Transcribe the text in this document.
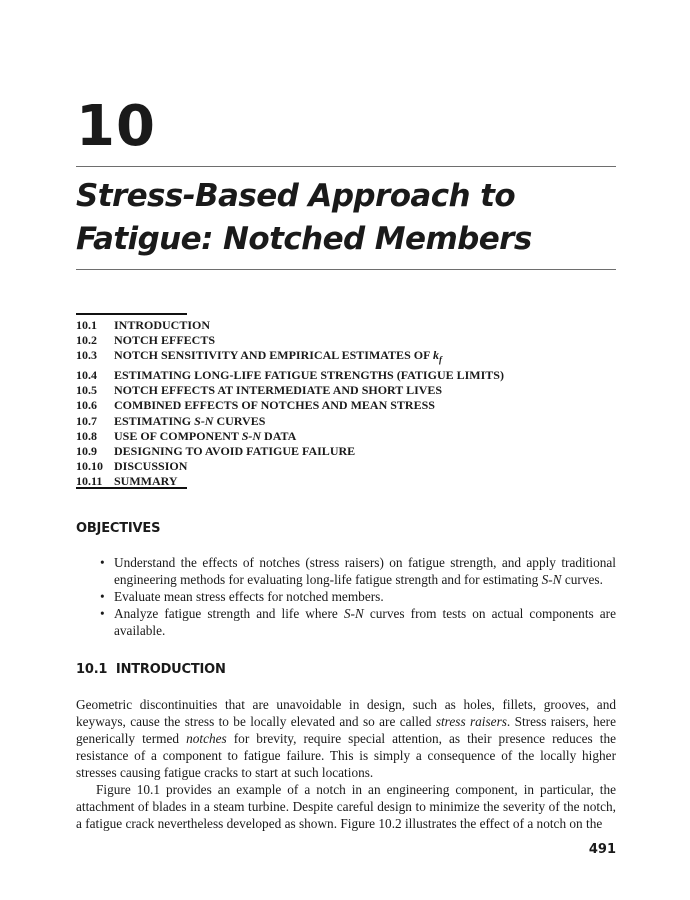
10
Stress-Based Approach to
Fatigue: Notched Members
10.1	INTRODUCTION
10.2	NOTCH EFFECTS
10.3	NOTCH SENSITIVITY AND EMPIRICAL ESTIMATES OF $k_f$
10.4	ESTIMATING LONG-LIFE FATIGUE STRENGTHS (FATIGUE LIMITS)
10.5	NOTCH EFFECTS AT INTERMEDIATE AND SHORT LIVES
10.6	COMBINED EFFECTS OF NOTCHES AND MEAN STRESS
10.7	ESTIMATING S-N CURVES
10.8	USE OF COMPONENT S-N DATA
10.9	DESIGNING TO AVOID FATIGUE FAILURE
10.10 DISCUSSION
10.11 SUMMARY
OBJECTIVES
• Understand the effects of notches (stress raisers) on fatigue strength, and apply traditional engineering methods for evaluating long-life fatigue strength and for estimating S-N curves.
• Evaluate mean stress effects for notched members.
• Analyze fatigue strength and life where S-N curves from tests on actual components are available.
10.1  INTRODUCTION

Geometric discontinuities that are unavoidable in design, such as holes, fillets, grooves, and keyways, cause the stress to be locally elevated and so are called stress raisers. Stress raisers, here generically termed notches for brevity, require special attention, as their presence reduces the resistance of a component to fatigue failure. This is simply a consequence of the locally higher stresses causing fatigue cracks to start at such locations.

Figure 10.1 provides an example of a notch in an engineering component, in particular, the attachment of blades in a steam turbine. Despite careful design to minimize the severity of the notch, a fatigue crack nevertheless developed as shown. Figure 10.2 illustrates the effect of a notch on the

491
